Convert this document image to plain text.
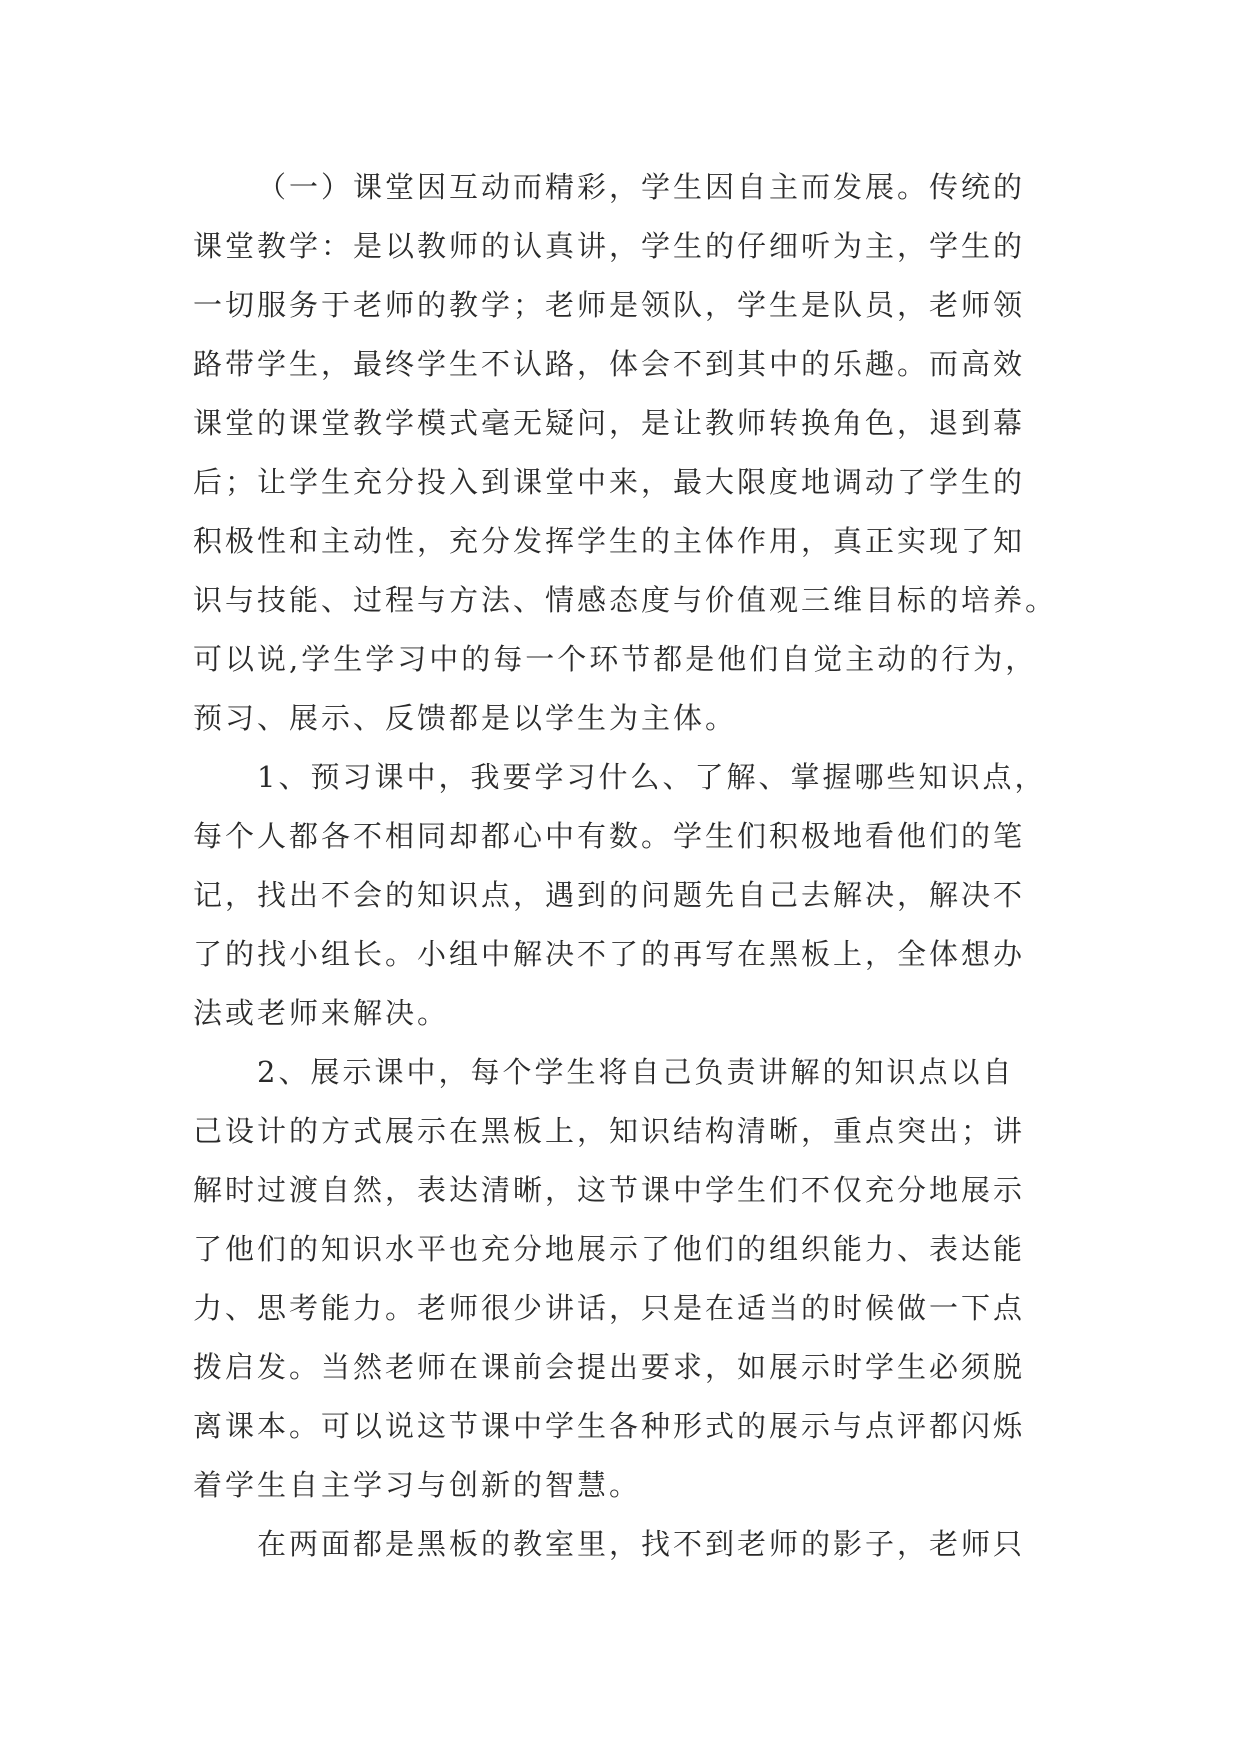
（一）课堂因互动而精彩，学生因自主而发展。传统的
课堂教学：是以教师的认真讲，学生的仔细听为主，学生的
一切服务于老师的教学；老师是领队，学生是队员，老师领
路带学生，最终学生不认路，体会不到其中的乐趣。而高效
课堂的课堂教学模式毫无疑问，是让教师转换角色，退到幕
后；让学生充分投入到课堂中来，最大限度地调动了学生的
积极性和主动性，充分发挥学生的主体作用，真正实现了知
识与技能、过程与方法、情感态度与价值观三维目标的培养。
可以说,学生学习中的每一个环节都是他们自觉主动的行为，
预习、展示、反馈都是以学生为主体。
1、预习课中，我要学习什么、了解、掌握哪些知识点，
每个人都各不相同却都心中有数。学生们积极地看他们的笔
记，找出不会的知识点，遇到的问题先自己去解决，解决不
了的找小组长。小组中解决不了的再写在黑板上，全体想办
法或老师来解决。
2、展示课中，每个学生将自己负责讲解的知识点以自
己设计的方式展示在黑板上，知识结构清晰，重点突出；讲
解时过渡自然，表达清晰，这节课中学生们不仅充分地展示
了他们的知识水平也充分地展示了他们的组织能力、表达能
力、思考能力。老师很少讲话，只是在适当的时候做一下点
拨启发。当然老师在课前会提出要求，如展示时学生必须脱
离课本。可以说这节课中学生各种形式的展示与点评都闪烁
着学生自主学习与创新的智慧。
在两面都是黑板的教室里，找不到老师的影子，老师只
